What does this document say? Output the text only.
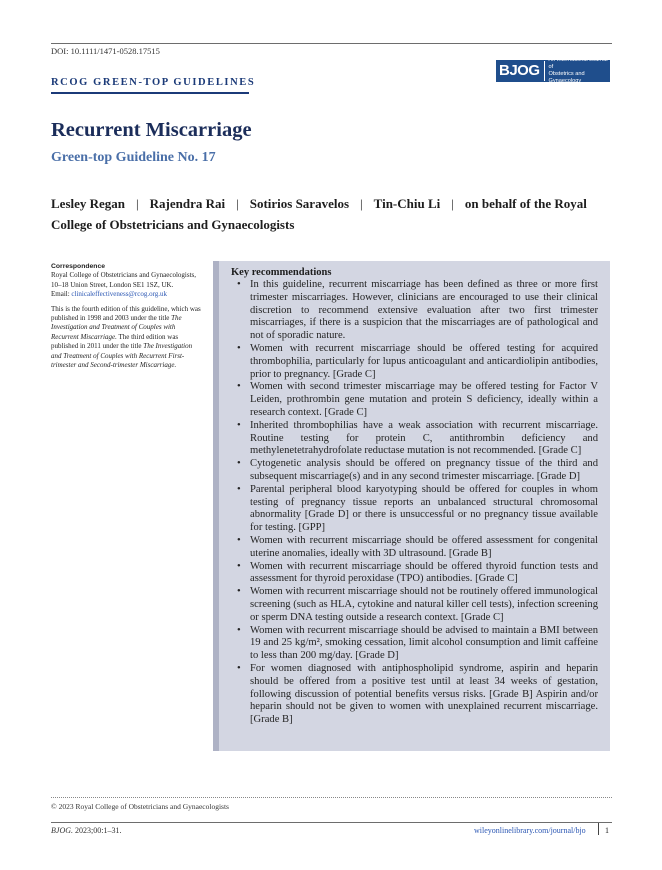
DOI: 10.1111/1471-0528.17515
RCOG GREEN-TOP GUIDELINES
BJOG
An International Journal of
Obstetrics and Gynaecology
Recurrent Miscarriage
Green-top Guideline No. 17
Lesley Regan | Rajendra Rai | Sotirios Saravelos | Tin-Chiu Li | on behalf of the Royal College of Obstetricians and Gynaecologists

Correspondence

Royal College of Obstetricians and Gynaecologists, 10–18 Union Street, London SE1 1SZ, UK.

Email: clinicaleffectiveness@rcog.org.uk

This is the fourth edition of this guideline, which was published in 1998 and 2003 under the title The Investigation and Treatment of Couples with Recurrent Miscarriage. The third edition was published in 2011 under the title The Investigation and Treatment of Couples with Recurrent First-trimester and Second-trimester Miscarriage.

Key recommendations
• In this guideline, recurrent miscarriage has been defined as three or more first trimester miscarriages. However, clinicians are encouraged to use their clinical discretion to recommend extensive evaluation after two first trimester miscarriages, if there is a suspicion that the miscarriages are of pathological and not of sporadic nature.
• Women with recurrent miscarriage should be offered testing for acquired thrombophilia, particularly for lupus anticoagulant and anticardiolipin antibodies, prior to pregnancy. [Grade C]
• Women with second trimester miscarriage may be offered testing for Factor V Leiden, prothrombin gene mutation and protein S deficiency, ideally within a research context. [Grade C]
• Inherited thrombophilias have a weak association with recurrent miscarriage. Routine testing for protein C, antithrombin deficiency and methylenetetrahydrofolate reductase mutation is not recommended. [Grade C]
• Cytogenetic analysis should be offered on pregnancy tissue of the third and subsequent miscarriage(s) and in any second trimester miscarriage. [Grade D]
• Parental peripheral blood karyotyping should be offered for couples in whom testing of pregnancy tissue reports an unbalanced structural chromosomal abnormality [Grade D] or there is unsuccessful or no pregnancy tissue available for testing. [GPP]
• Women with recurrent miscarriage should be offered assessment for congenital uterine anomalies, ideally with 3D ultrasound. [Grade B]
• Women with recurrent miscarriage should be offered thyroid function tests and assessment for thyroid peroxidase (TPO) antibodies. [Grade C]
• Women with recurrent miscarriage should not be routinely offered immunological screening (such as HLA, cytokine and natural killer cell tests), infection screening or sperm DNA testing outside a research context. [Grade C]
• Women with recurrent miscarriage should be advised to maintain a BMI between 19 and 25 kg/m², smoking cessation, limit alcohol consumption and limit caffeine to less than 200 mg/day. [Grade D]
• For women diagnosed with antiphospholipid syndrome, aspirin and heparin should be offered from a positive test until at least 34 weeks of gestation, following discussion of potential benefits versus risks. [Grade B] Aspirin and/or heparin should not be given to women with unexplained recurrent miscarriage. [Grade B]
© 2023 Royal College of Obstetricians and Gynaecologists
BJOG. 2023;00:1–31.	wileyonlinelibrary.com/journal/bjo 1
